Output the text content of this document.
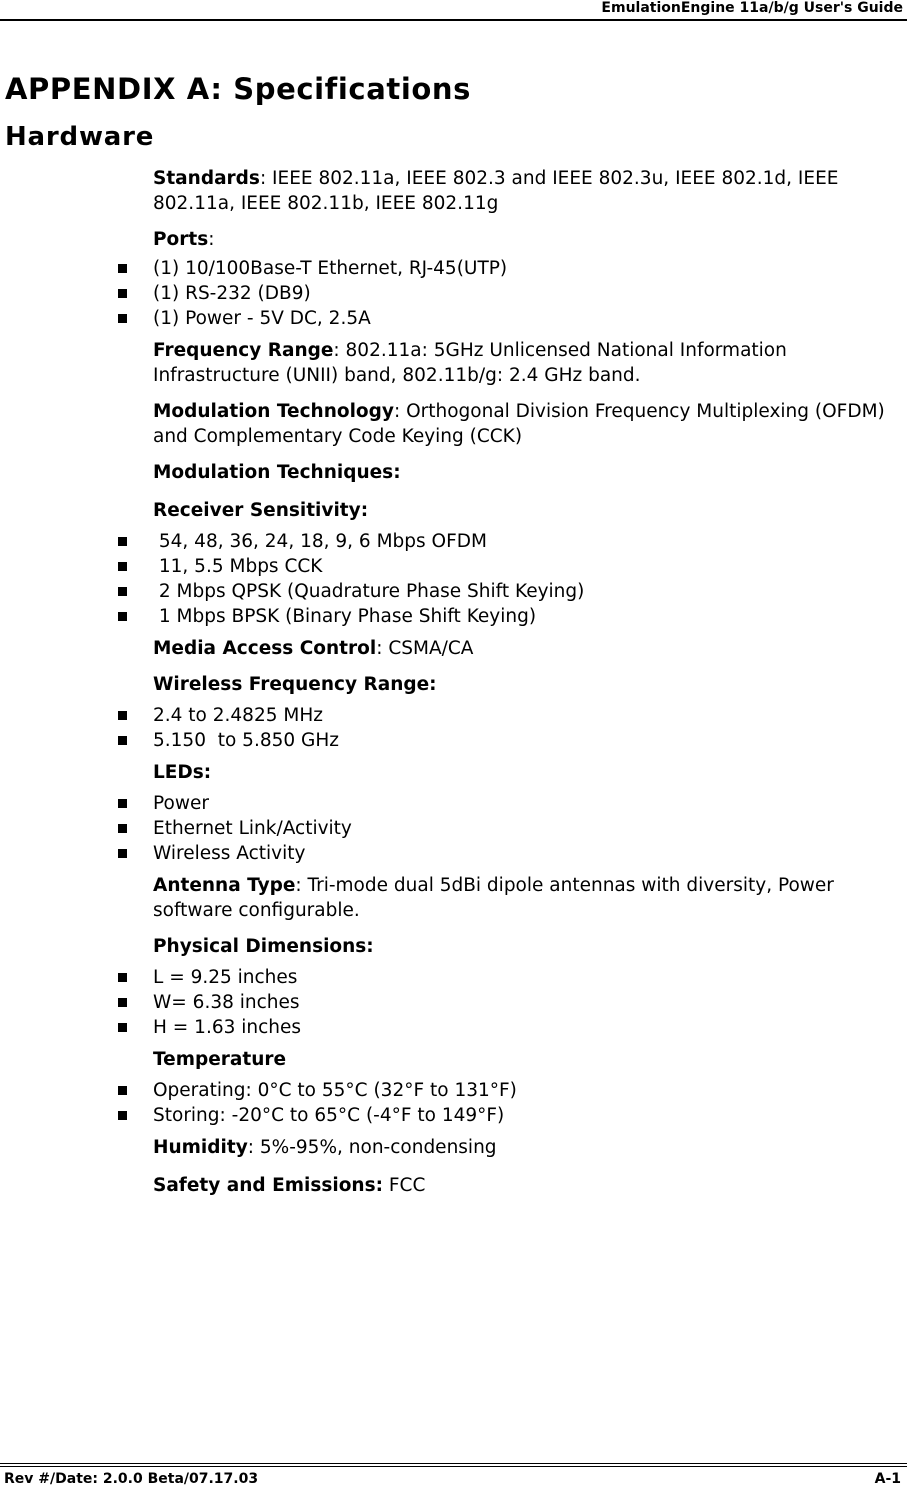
EmulationEngine 11a/b/g User's Guide
APPENDIX A: Specifications
Hardware

Standards: IEEE 802.11a, IEEE 802.3 and IEEE 802.3u, IEEE 802.1d, IEEE 802.11a, IEEE 802.11b, IEEE 802.11g

Ports:

(1) 10/100Base-T Ethernet, RJ-45(UTP)
(1) RS-232 (DB9)
(1) Power - 5V DC, 2.5A

Frequency Range: 802.11a: 5GHz Unlicensed National Information Infrastructure (UNII) band, 802.11b/g: 2.4 GHz band.

Modulation Technology: Orthogonal Division Frequency Multiplexing (OFDM) and Complementary Code Keying (CCK)

Modulation Techniques:

Receiver Sensitivity:

54, 48, 36, 24, 18, 9, 6 Mbps OFDM
11, 5.5 Mbps CCK
2 Mbps QPSK (Quadrature Phase Shift Keying)
1 Mbps BPSK (Binary Phase Shift Keying)

Media Access Control: CSMA/CA

Wireless Frequency Range:

2.4 to 2.4825 MHz
5.150  to 5.850 GHz

LEDs:

Power
Ethernet Link/Activity
Wireless Activity

Antenna Type: Tri-mode dual 5dBi dipole antennas with diversity, Power software configurable.

Physical Dimensions:

L = 9.25 inches
W= 6.38 inches
H = 1.63 inches

Temperature

Operating: 0°C to 55°C (32°F to 131°F)
Storing: -20°C to 65°C (-4°F to 149°F)

Humidity: 5%-95%, non-condensing

Safety and Emissions: FCC

Rev #/Date: 2.0.0 Beta/07.17.03	A-1
